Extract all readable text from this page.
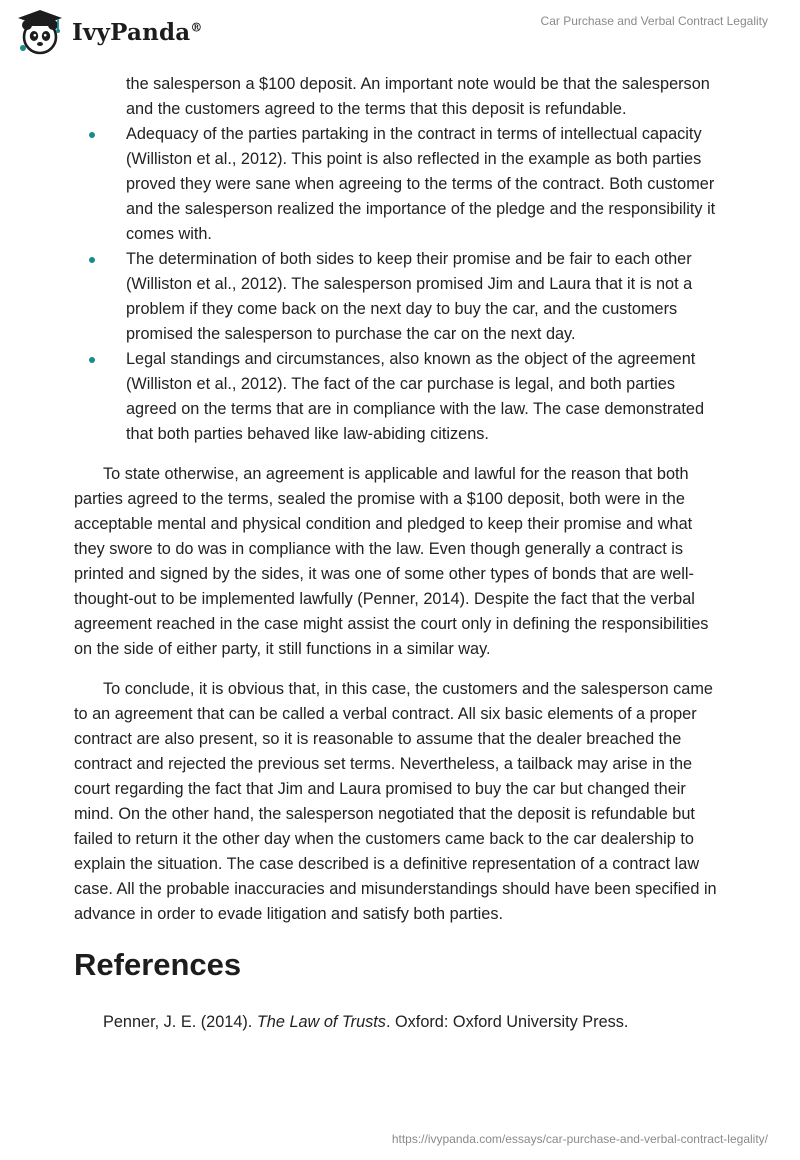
IvyPanda®	Car Purchase and Verbal Contract Legality
the salesperson a $100 deposit. An important note would be that the salesperson and the customers agreed to the terms that this deposit is refundable.
Adequacy of the parties partaking in the contract in terms of intellectual capacity (Williston et al., 2012). This point is also reflected in the example as both parties proved they were sane when agreeing to the terms of the contract. Both customer and the salesperson realized the importance of the pledge and the responsibility it comes with.
The determination of both sides to keep their promise and be fair to each other (Williston et al., 2012). The salesperson promised Jim and Laura that it is not a problem if they come back on the next day to buy the car, and the customers promised the salesperson to purchase the car on the next day.
Legal standings and circumstances, also known as the object of the agreement (Williston et al., 2012). The fact of the car purchase is legal, and both parties agreed on the terms that are in compliance with the law. The case demonstrated that both parties behaved like law-abiding citizens.

To state otherwise, an agreement is applicable and lawful for the reason that both parties agreed to the terms, sealed the promise with a $100 deposit, both were in the acceptable mental and physical condition and pledged to keep their promise and what they swore to do was in compliance with the law. Even though generally a contract is printed and signed by the sides, it was one of some other types of bonds that are well-thought-out to be implemented lawfully (Penner, 2014). Despite the fact that the verbal agreement reached in the case might assist the court only in defining the responsibilities on the side of either party, it still functions in a similar way.

To conclude, it is obvious that, in this case, the customers and the salesperson came to an agreement that can be called a verbal contract. All six basic elements of a proper contract are also present, so it is reasonable to assume that the dealer breached the contract and rejected the previous set terms. Nevertheless, a tailback may arise in the court regarding the fact that Jim and Laura promised to buy the car but changed their mind. On the other hand, the salesperson negotiated that the deposit is refundable but failed to return it the other day when the customers came back to the car dealership to explain the situation. The case described is a definitive representation of a contract law case. All the probable inaccuracies and misunderstandings should have been specified in advance in order to evade litigation and satisfy both parties.

References
Penner, J. E. (2014). The Law of Trusts. Oxford: Oxford University Press.
https://ivypanda.com/essays/car-purchase-and-verbal-contract-legality/
